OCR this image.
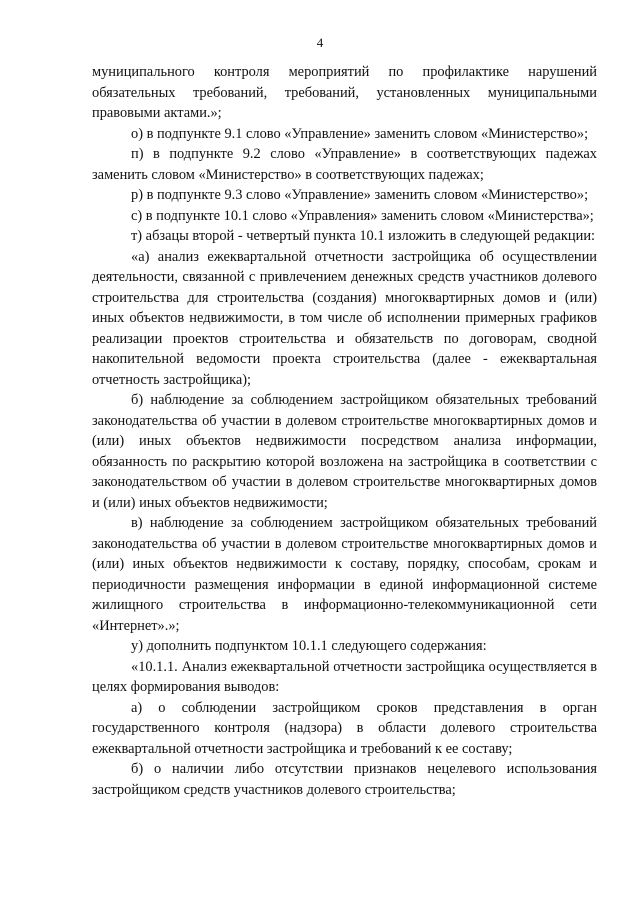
4

муниципального контроля мероприятий по профилактике нарушений обязательных требований, требований, установленных муниципальными правовыми актами.»;

о) в подпункте 9.1 слово «Управление» заменить словом «Министерство»;

п) в подпункте 9.2 слово «Управление» в соответствующих падежах заменить словом «Министерство» в соответствующих падежах;

р) в подпункте 9.3 слово «Управление» заменить словом «Министерство»;

с) в подпункте 10.1 слово «Управления» заменить словом «Министерства»;

т) абзацы второй - четвертый пункта 10.1 изложить в следующей редакции:

«а) анализ ежеквартальной отчетности застройщика об осуществлении деятельности, связанной с привлечением денежных средств участников долевого строительства для строительства (создания) многоквартирных домов и (или) иных объектов недвижимости, в том числе об исполнении примерных графиков реализации проектов строительства и обязательств по договорам, сводной накопительной ведомости проекта строительства (далее - ежеквартальная отчетность застройщика);

б) наблюдение за соблюдением застройщиком обязательных требований законодательства об участии в долевом строительстве многоквартирных домов и (или) иных объектов недвижимости посредством анализа информации, обязанность по раскрытию которой возложена на застройщика в соответствии с законодательством об участии в долевом строительстве многоквартирных домов и (или) иных объектов недвижимости;

в) наблюдение за соблюдением застройщиком обязательных требований законодательства об участии в долевом строительстве многоквартирных домов и (или) иных объектов недвижимости к составу, порядку, способам, срокам и периодичности размещения информации в единой информационной системе жилищного строительства в информационно-телекоммуникационной сети «Интернет».»;

у) дополнить подпунктом 10.1.1 следующего содержания:

«10.1.1. Анализ ежеквартальной отчетности застройщика осуществляется в целях формирования выводов:

а) о соблюдении застройщиком сроков представления в орган государственного контроля (надзора) в области долевого строительства ежеквартальной отчетности застройщика и требований к ее составу;

б) о наличии либо отсутствии признаков нецелевого использования застройщиком средств участников долевого строительства;
